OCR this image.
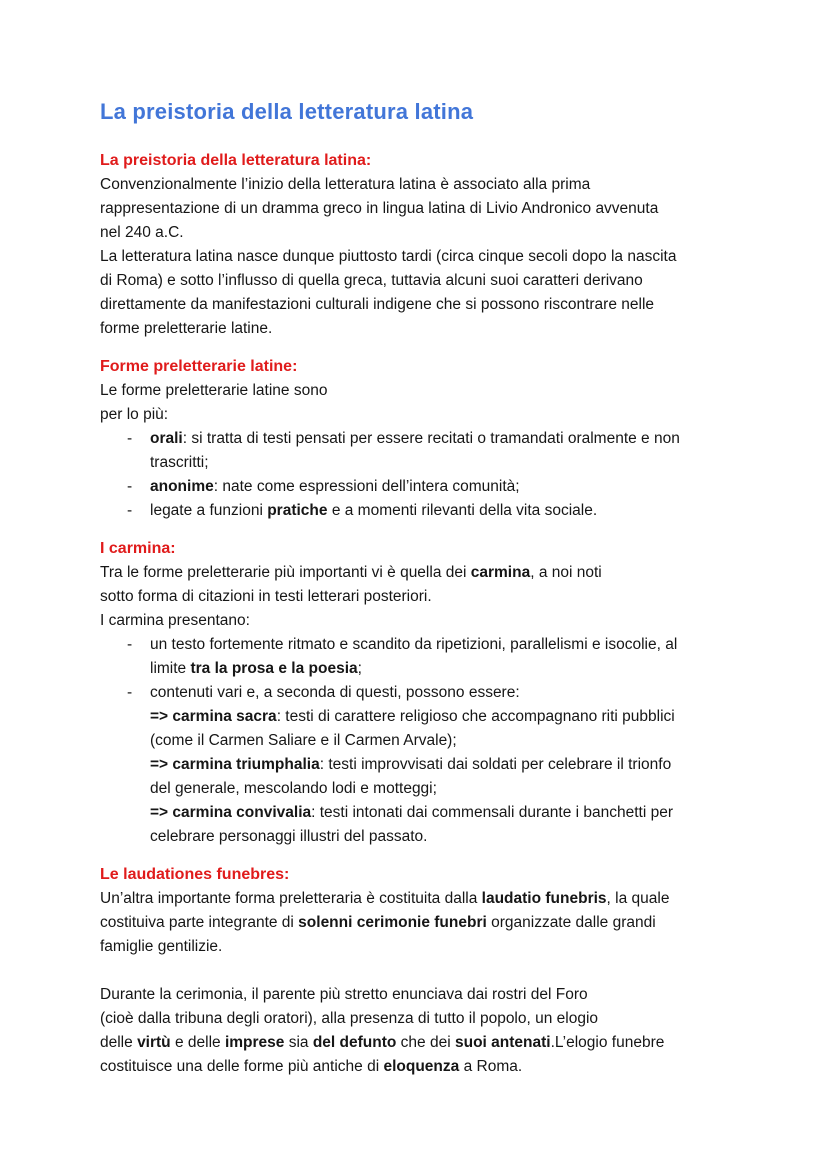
La preistoria della letteratura latina
La preistoria della letteratura latina:
Convenzionalmente l’inizio della letteratura latina è associato alla prima
rappresentazione di un dramma greco in lingua latina di Livio Andronico avvenuta
nel 240 a.C.
La letteratura latina nasce dunque piuttosto tardi (circa cinque secoli dopo la nascita
di Roma) e sotto l’influsso di quella greca, tuttavia alcuni suoi caratteri derivano
direttamente da manifestazioni culturali indigene che si possono riscontrare nelle
forme preletterarie latine.
Forme preletterarie latine:
Le forme preletterarie latine sono
per lo più:
- orali: si tratta di testi pensati per essere recitati o tramandati oralmente e non
trascritti;
- anonime: nate come espressioni dell’intera comunità;
- legate a funzioni pratiche e a momenti rilevanti della vita sociale.
I carmina:
Tra le forme preletterarie più importanti vi è quella dei carmina, a noi noti
sotto forma di citazioni in testi letterari posteriori.
I carmina presentano:
- un testo fortemente ritmato e scandito da ripetizioni, parallelismi e isocolie, al
limite tra la prosa e la poesia;
- contenuti vari e, a seconda di questi, possono essere:
=> carmina sacra: testi di carattere religioso che accompagnano riti pubblici
(come il Carmen Saliare e il Carmen Arvale);
=> carmina triumphalia: testi improvvisati dai soldati per celebrare il trionfo
del generale, mescolando lodi e motteggi;
=> carmina convivalia: testi intonati dai commensali durante i banchetti per
celebrare personaggi illustri del passato.
Le laudationes funebres:
Un’altra importante forma preletteraria è costituita dalla laudatio funebris, la quale
costituiva parte integrante di solenni cerimonie funebri organizzate dalle grandi
famiglie gentilizie.
Durante la cerimonia, il parente più stretto enunciava dai rostri del Foro
(cioè dalla tribuna degli oratori), alla presenza di tutto il popolo, un elogio
delle virtù e delle imprese sia del defunto che dei suoi antenati.L’elogio funebre
costituisce una delle forme più antiche di eloquenza a Roma.
